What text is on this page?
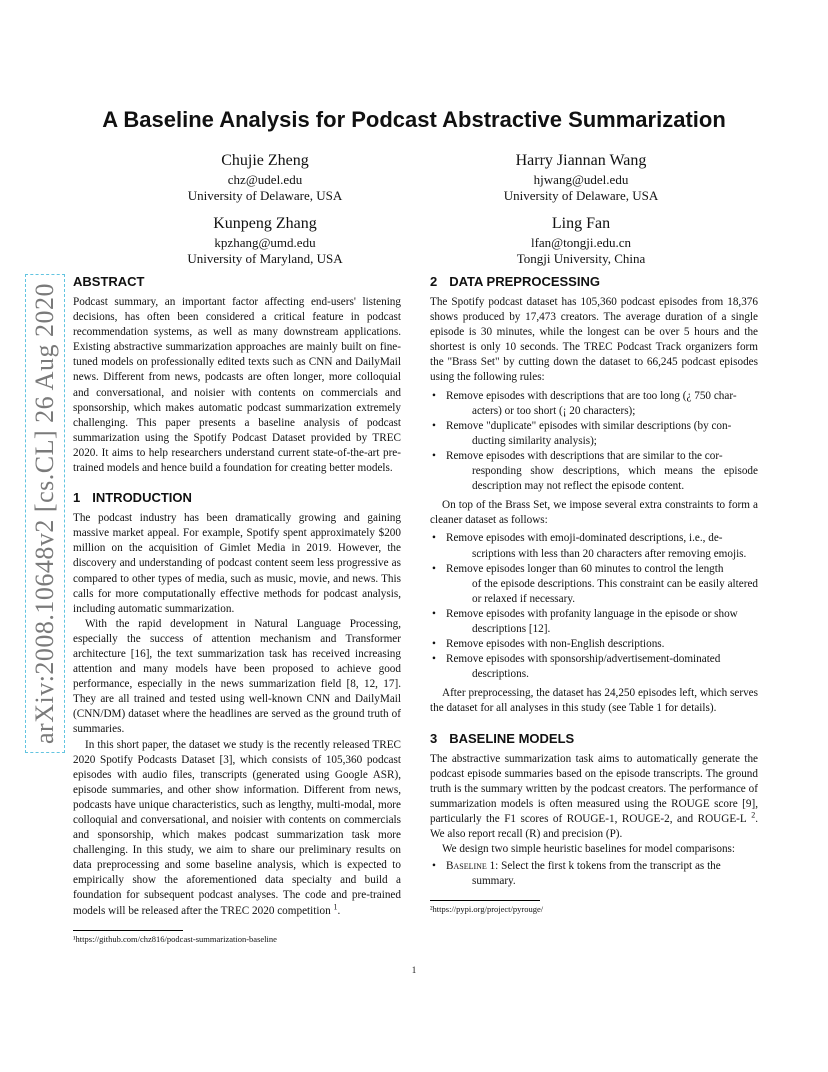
arXiv:2008.10648v2 [cs.CL] 26 Aug 2020
A Baseline Analysis for Podcast Abstractive Summarization
Chujie Zheng
chz@udel.edu
University of Delaware, USA
Harry Jiannan Wang
hjwang@udel.edu
University of Delaware, USA
Kunpeng Zhang
kpzhang@umd.edu
University of Maryland, USA
Ling Fan
lfan@tongji.edu.cn
Tongji University, China
ABSTRACT

Podcast summary, an important factor affecting end-users' listening decisions, has often been considered a critical feature in podcast recommendation systems, as well as many downstream applications. Existing abstractive summarization approaches are mainly built on fine-tuned models on professionally edited texts such as CNN and DailyMail news. Different from news, podcasts are often longer, more colloquial and conversational, and noisier with contents on commercials and sponsorship, which makes automatic podcast summarization extremely challenging. This paper presents a baseline analysis of podcast summarization using the Spotify Podcast Dataset provided by TREC 2020. It aims to help researchers understand current state-of-the-art pre-trained models and hence build a foundation for creating better models.

1 INTRODUCTION

The podcast industry has been dramatically growing and gaining massive market appeal. For example, Spotify spent approximately $200 million on the acquisition of Gimlet Media in 2019. However, the discovery and understanding of podcast content seem less progressive as compared to other types of media, such as music, movie, and news. This calls for more computationally effective methods for podcast analysis, including automatic summarization.

With the rapid development in Natural Language Processing, especially the success of attention mechanism and Transformer architecture [16], the text summarization task has received increasing attention and many models have been proposed to achieve good performance, especially in the news summarization field [8, 12, 17]. They are all trained and tested using well-known CNN and DailyMail (CNN/DM) dataset where the headlines are served as the ground truth of summaries.

In this short paper, the dataset we study is the recently released TREC 2020 Spotify Podcasts Dataset [3], which consists of 105,360 podcast episodes with audio files, transcripts (generated using Google ASR), episode summaries, and other show information. Different from news, podcasts have unique characteristics, such as lengthy, multi-modal, more colloquial and conversational, and noisier with contents on commercials and sponsorship, which makes podcast summarization task more challenging. In this study, we aim to share our preliminary results on data preprocessing and some baseline analysis, which is expected to empirically show the aforementioned data specialty and build a foundation for subsequent podcast analyses. The code and pre-trained models will be released after the TREC 2020 competition $^1$.

¹https://github.com/chz816/podcast-summarization-baseline
2 DATA PREPROCESSING

The Spotify podcast dataset has 105,360 podcast episodes from 18,376 shows produced by 17,473 creators. The average duration of a single episode is 30 minutes, while the longest can be over 5 hours and the shortest is only 10 seconds. The TREC Podcast Track organizers form the "Brass Set" by cutting down the dataset to 66,245 podcast episodes using the following rules:

• Remove episodes with descriptions that are too long (¿ 750 char-
acters) or too short (¡ 20 characters);
• Remove "duplicate" episodes with similar descriptions (by con-
ducting similarity analysis);
• Remove episodes with descriptions that are similar to the cor-
responding show descriptions, which means the episode description may not reflect the episode content.

On top of the Brass Set, we impose several extra constraints to form a cleaner dataset as follows:

• Remove episodes with emoji-dominated descriptions, i.e., de-
scriptions with less than 20 characters after removing emojis.
• Remove episodes longer than 60 minutes to control the length
of the episode descriptions. This constraint can be easily altered or relaxed if necessary.
• Remove episodes with profanity language in the episode or show
descriptions [12].
• Remove episodes with non-English descriptions.
• Remove episodes with sponsorship/advertisement-dominated
descriptions.

After preprocessing, the dataset has 24,250 episodes left, which serves the dataset for all analyses in this study (see Table 1 for details).

3 BASELINE MODELS

The abstractive summarization task aims to automatically generate the podcast episode summaries based on the episode transcripts. The ground truth is the summary written by the podcast creators. The performance of summarization models is often measured using the ROUGE score [9], particularly the F1 scores of ROUGE-1, ROUGE-2, and ROUGE-L $^2$. We also report recall (R) and precision (P).

We design two simple heuristic baselines for model comparisons:

• Baseline 1: Select the first k tokens from the transcript as the
summary.
²https://pypi.org/project/pyrouge/
1
